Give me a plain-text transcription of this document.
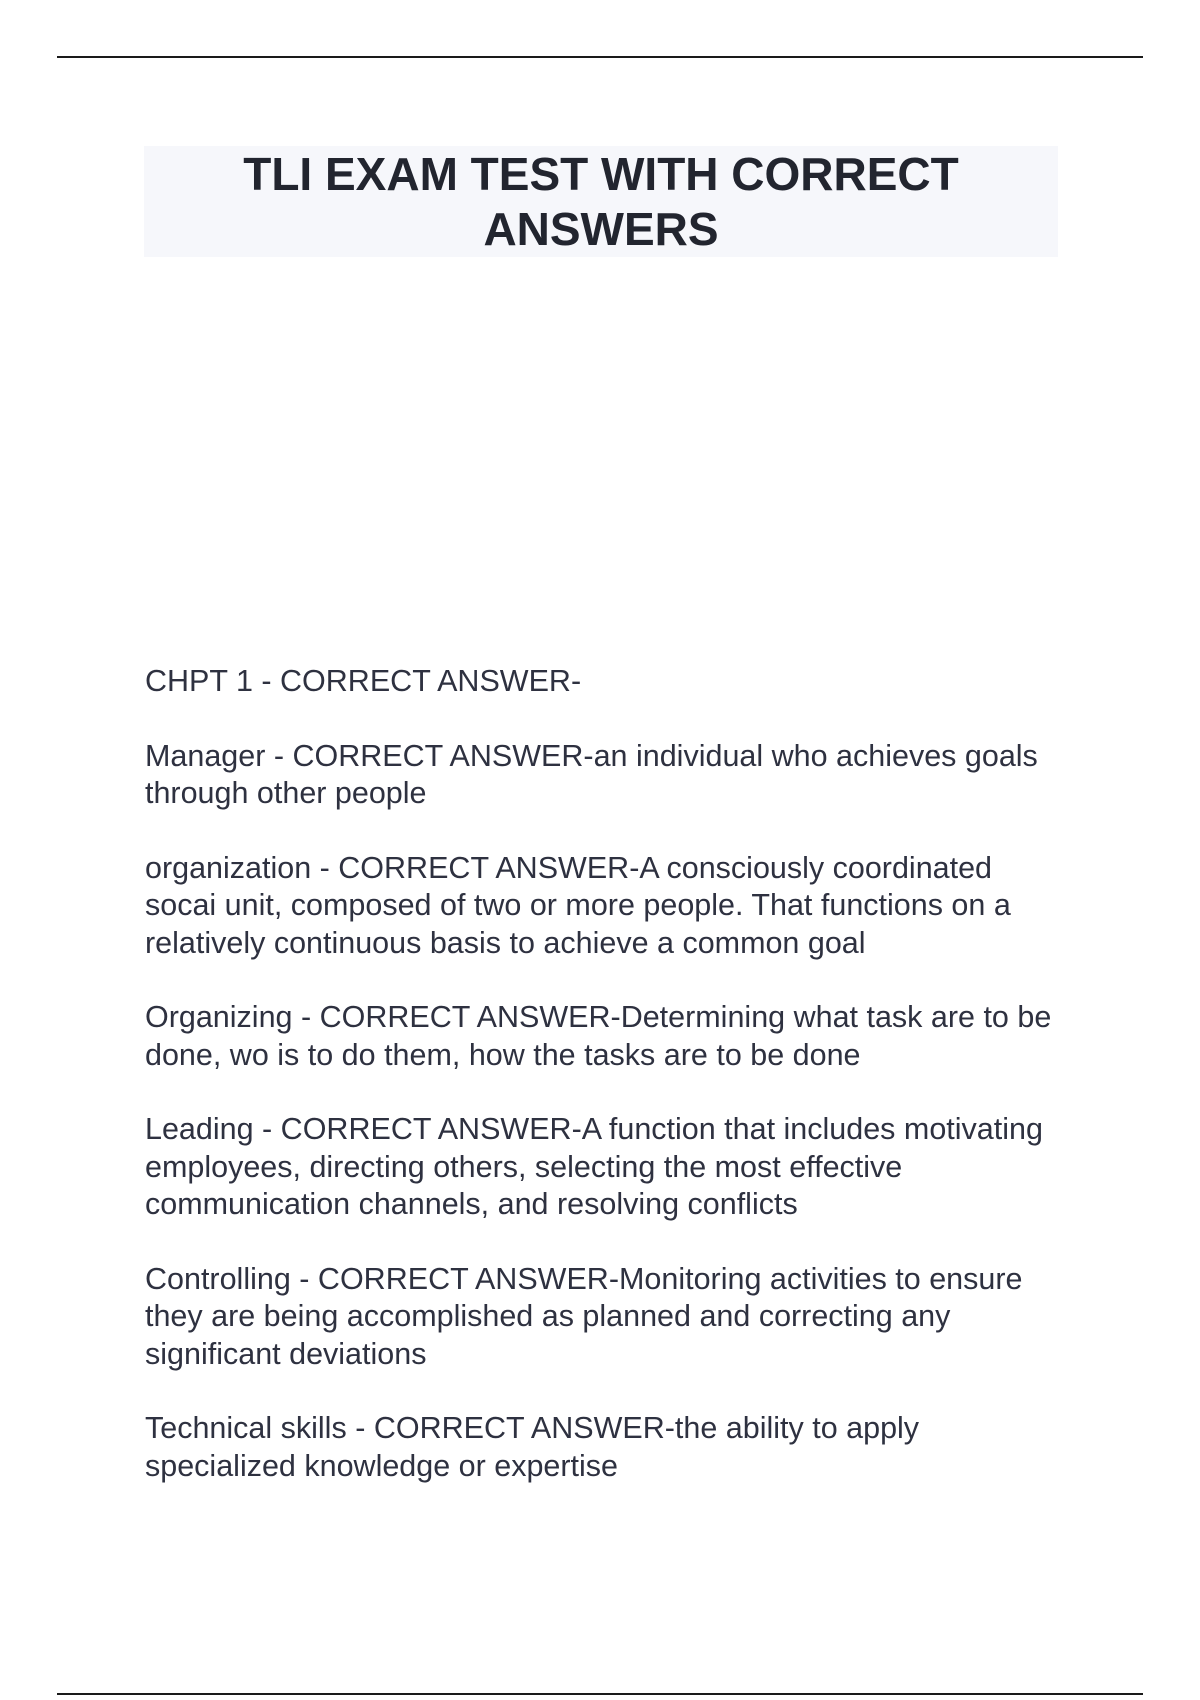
TLI EXAM TEST WITH CORRECT ANSWERS

CHPT 1 - CORRECT ANSWER-

Manager - CORRECT ANSWER-an individual who achieves goals through other people

organization - CORRECT ANSWER-A consciously coordinated socai unit, composed of two or more people. That functions on a relatively continuous basis to achieve a common goal

Organizing - CORRECT ANSWER-Determining what task are to be done, wo is to do them, how the tasks are to be done

Leading - CORRECT ANSWER-A function that includes motivating employees, directing others, selecting the most effective communication channels, and resolving conflicts

Controlling - CORRECT ANSWER-Monitoring activities to ensure they are being accomplished as planned and correcting any significant deviations

Technical skills - CORRECT ANSWER-the ability to apply specialized knowledge or expertise
